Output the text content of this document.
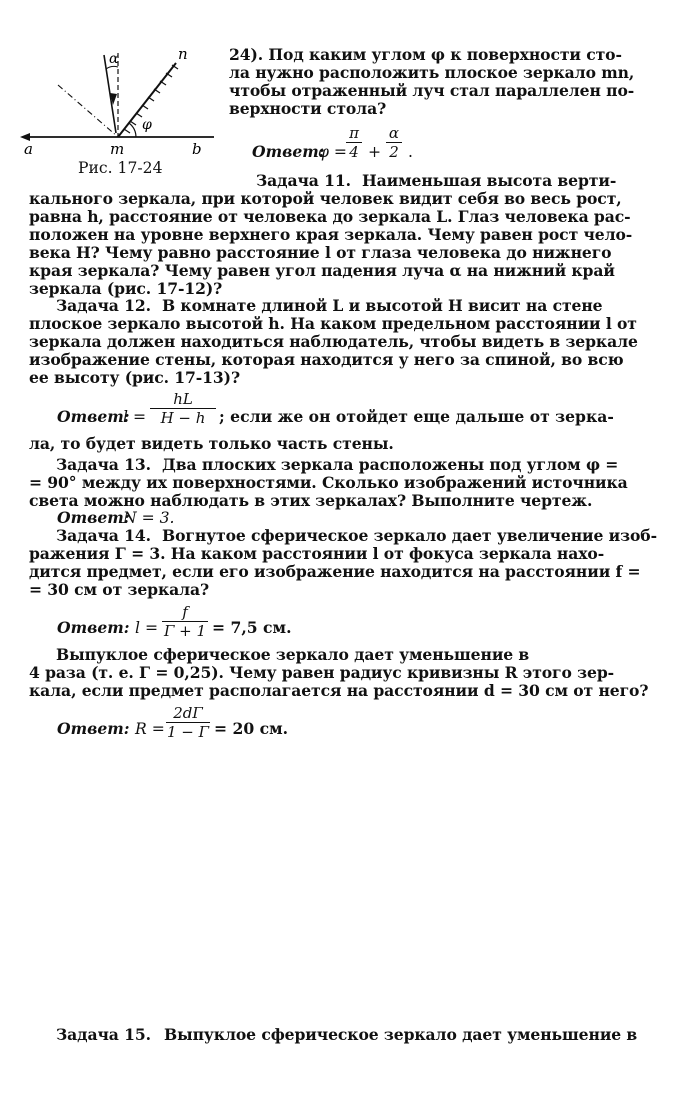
α	n
φ
a	m	b
Рис. 17-24
24). Под каким углом φ к поверхности сто-
ла нужно расположить плоское зеркало mn,
чтобы отраженный луч стал параллелен по-
верхности стола?
Ответ:
$\varphi = \frac{\pi}{4} + \frac{\alpha}{2}$ .
Задача 11. Наименьшая высота верти-
кального зеркала, при которой человек видит себя во весь рост,
равна h, расстояние от человека до зеркала L. Глаз человека рас-
положен на уровне верхнего края зеркала. Чему равен рост чело-
века H? Чему равно расстояние l от глаза человека до нижнего
края зеркала? Чему равен угол падения луча α на нижний край
зеркала (рис. 17-12)?
Задача 12. В комнате длиной L и высотой H висит на стене
плоское зеркало высотой h. На каком предельном расстоянии l от
зеркала должен находиться наблюдатель, чтобы видеть в зеркале
изображение стены, которая находится у него за спиной, во всю
ее высоту (рис. 17-13)?
Ответ:
$l = \frac{hL}{H - h}$ ; если же он отойдет еще дальше от зерка-
ла, то будет видеть только часть стены.
Задача 13. Два плоских зеркала расположены под углом φ =
= 90° между их поверхностями. Сколько изображений источника
света можно наблюдать в этих зеркалах? Выполните чертеж.
Ответ:
N = 3.
Задача 14. Вогнутое сферическое зеркало дает увеличение изоб-
ражения Γ = 3. На каком расстоянии l от фокуса зеркала нахо-
дится предмет, если его изображение находится на расстоянии f =
= 30 см от зеркала?
Ответ: $l = \frac{f}{\Gamma + 1} = 7,5$ см.
Выпуклое сферическое зеркало дает уменьшение в
4 раза (т. е. Γ = 0,25). Чему равен радиус кривизны R этого зер-
кала, если предмет располагается на расстоянии d = 30 см от него?
Ответ: $R = \frac{2d\Gamma}{1 - \Gamma} = 20$ см.
Задача 15. Выпуклое сферическое зеркало дает уменьшение в
